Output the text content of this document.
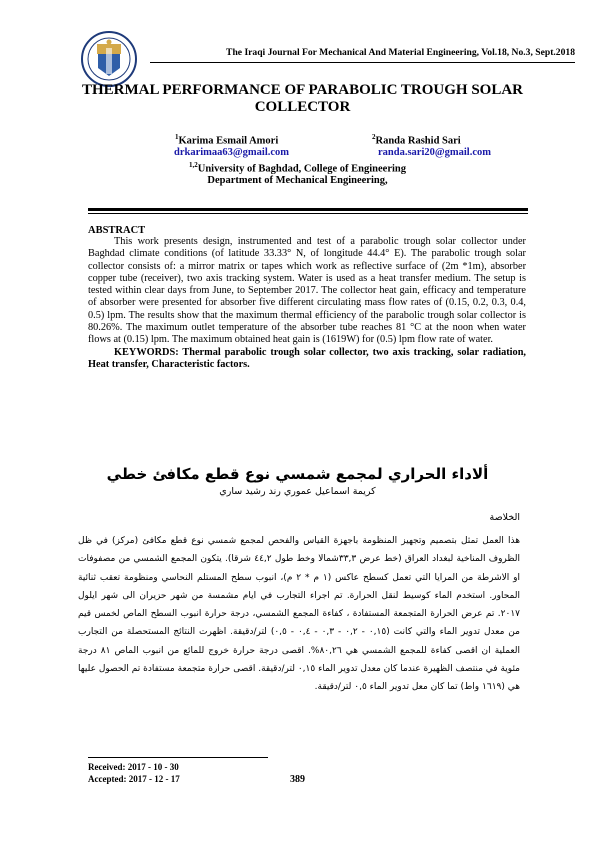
The Iraqi Journal For Mechanical And Material Engineering, Vol.18, No.3, Sept.2018
THERMAL PERFORMANCE OF PARABOLIC TROUGH SOLAR COLLECTOR
$^1$Karima Esmail Amori	$^2$Randa Rashid Sari
drkarimaa63@gmail.com	randa.sari20@gmail.com
$^{1,2}$University of Baghdad, College of Engineering
Department of Mechanical Engineering,
ABSTRACT

This work presents design, instrumented and test of a parabolic trough solar collector under Baghdad climate conditions (of latitude 33.33° N, of longitude 44.4° E). The parabolic trough solar collector consists of: a mirror matrix or tapes which work as reflective surface of (2m *1m), absorber copper tube (receiver), two axis tracking system. Water is used as a heat transfer medium. The setup is tested within clear days from June, to September 2017. The collector heat gain, efficacy and temperature of absorber were presented for absorber five different circulating mass flow rates of (0.15, 0.2, 0.3, 0.4, 0.5) lpm. The results show that the maximum thermal efficiency of the parabolic trough solar collector is 80.26%. The maximum outlet temperature of the absorber tube reaches 81 °C at the noon when water flows at (0.15) lpm. The maximum obtained heat gain is (1619W) for (0.5) lpm flow rate of water.

KEYWORDS: Thermal parabolic trough solar collector, two axis tracking, solar radiation, Heat transfer, Characteristic factors.

ألاداء الحراري لمجمع شمسي نوع قطع مكافئ خطي
كريمة اسماعيل عموري رند رشيد ساري
الخلاصة
هذا العمل تمثل بتصميم وتجهيز المنظومة باجهزة القياس والفحص لمجمع شمسي نوع قطع مكافئ (مركز) في ظل الظروف المناخية لبغداد العراق (خط عرض ٣٣,٣شمالا وخط طول ٤٤,٢ شرقا). يتكون المجمع الشمسي من مصفوفات او الاشرطة من المرايا التي تعمل كسطح عاكس (١ م * ٢ م)، انبوب سطح المستلم النحاسي ومنظومة تعقب ثنائية المحاور. استخدم الماء كوسيط لنقل الحرارة. تم اجراء التجارب في ايام مشمسة من شهر حزيران الى شهر ايلول ٢٠١٧. تم عرض الحرارة المتجمعة المستفادة ، كفاءة المجمع الشمسي، درجة حرارة انبوب السطح الماص لخمس قيم من معدل تدوير الماء والتي كانت (٠,١٥ - ٠,٢ - ٠,٣ - ٠,٤ - ٠,٥) لتر/دقيقة. اظهرت النتائج المستحصلة من التجارب العملية ان اقصى كفاءة للمجمع الشمسي هي ٨٠,٢٦%. اقصى درجة حرارة خروج للمائع من انبوب الماص ٨١ درجة مئوية في منتصف الظهيرة عندما كان معدل تدوير الماء ٠,١٥ لتر/دقيقة. اقصى حرارة متجمعة مستفادة تم الحصول عليها هي (١٦١٩ واط) تما كان معل تدوير الماء ٠,٥ لتر/دقيقة.
Received: 2017 - 10 - 30
Accepted: 2017 - 12 - 17	389
